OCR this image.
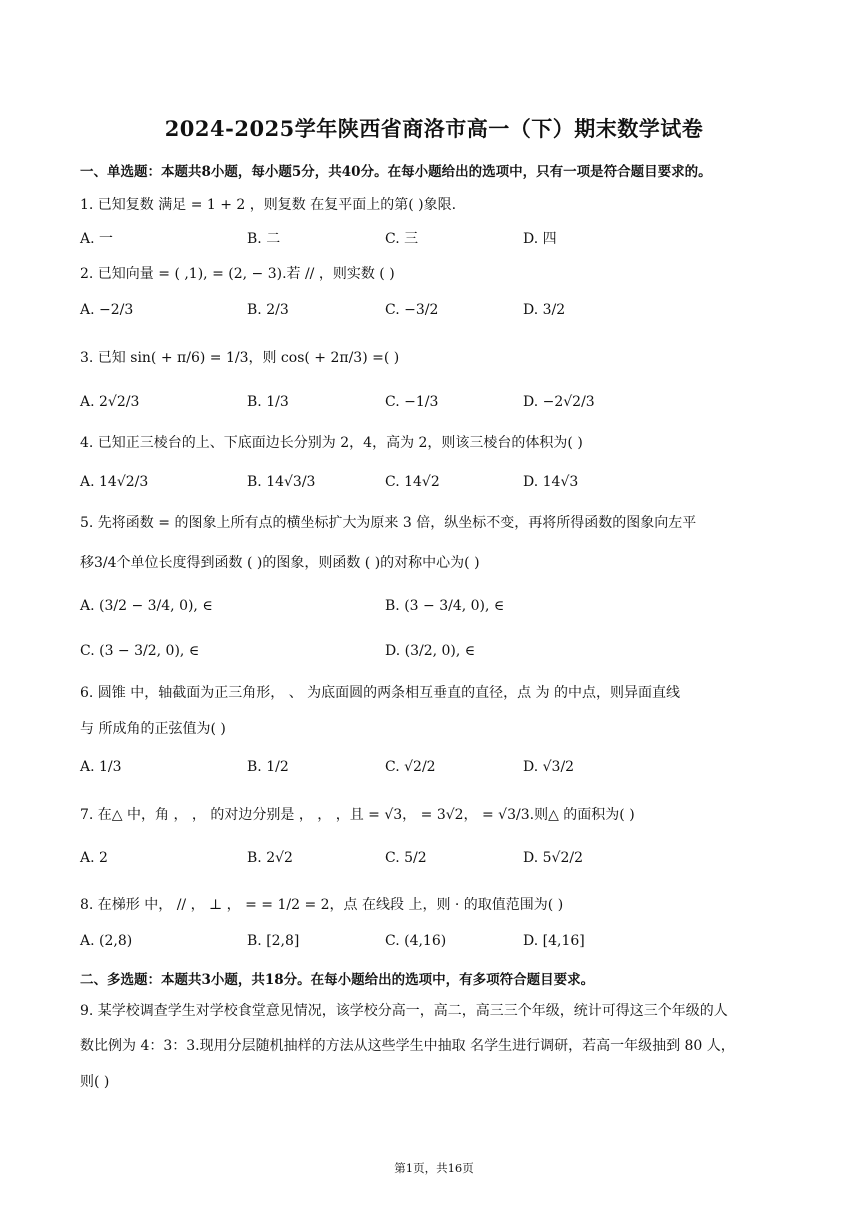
2024-2025学年陕西省商洛市高一（下）期末数学试卷
一、单选题：本题共8小题，每小题5分，共40分。在每小题给出的选项中，只有一项是符合题目要求的。
1. 已知复数 满足 = 1 + 2 ，则复数 在复平面上的第( )象限.
A. 一	B. 二	C. 三	D. 四
2. 已知向量 = ( ,1), = (2, − 3).若 // ，则实数 ( )
A. −2/3	B. 2/3	C. −3/2	D. 3/2
3. 已知 sin( + π/6) = 1/3，则 cos( + 2π/3) =( )
A. 2√2/3	B. 1/3	C. −1/3	D. −2√2/3
4. 已知正三棱台的上、下底面边长分别为 2，4，高为 2，则该三棱台的体积为( )
A. 14√2/3	B. 14√3/3	C. 14√2	D. 14√3
5. 先将函数 = 的图象上所有点的横坐标扩大为原来 3 倍，纵坐标不变，再将所得函数的图象向左平
移3/4个单位长度得到函数 ( )的图象，则函数 ( )的对称中心为( )
A. (3/2 − 3/4, 0), ∈	B. (3 − 3/4, 0), ∈
C. (3 − 3/2, 0), ∈	D. (3/2, 0), ∈
6. 圆锥 中，轴截面为正三角形， 、 为底面圆的两条相互垂直的直径，点 为 的中点，则异面直线
与 所成角的正弦值为( )
A. 1/3	B. 1/2	C. √2/2	D. √3/2
7. 在△ 中，角 ， ， 的对边分别是 ， ， ，且 = √3， = 3√2， = √3/3.则△ 的面积为( )
A. 2	B. 2√2	C. 5/2	D. 5√2/2
8. 在梯形 中， // ， ⊥ ， = = 1/2 = 2，点 在线段 上，则 · 的取值范围为( )
A. (2,8)	B. [2,8]	C. (4,16)	D. [4,16]
二、多选题：本题共3小题，共18分。在每小题给出的选项中，有多项符合题目要求。
9. 某学校调查学生对学校食堂意见情况，该学校分高一，高二，高三三个年级，统计可得这三个年级的人
数比例为 4：3：3.现用分层随机抽样的方法从这些学生中抽取 名学生进行调研，若高一年级抽到 80 人，
则( )
第1页，共16页
